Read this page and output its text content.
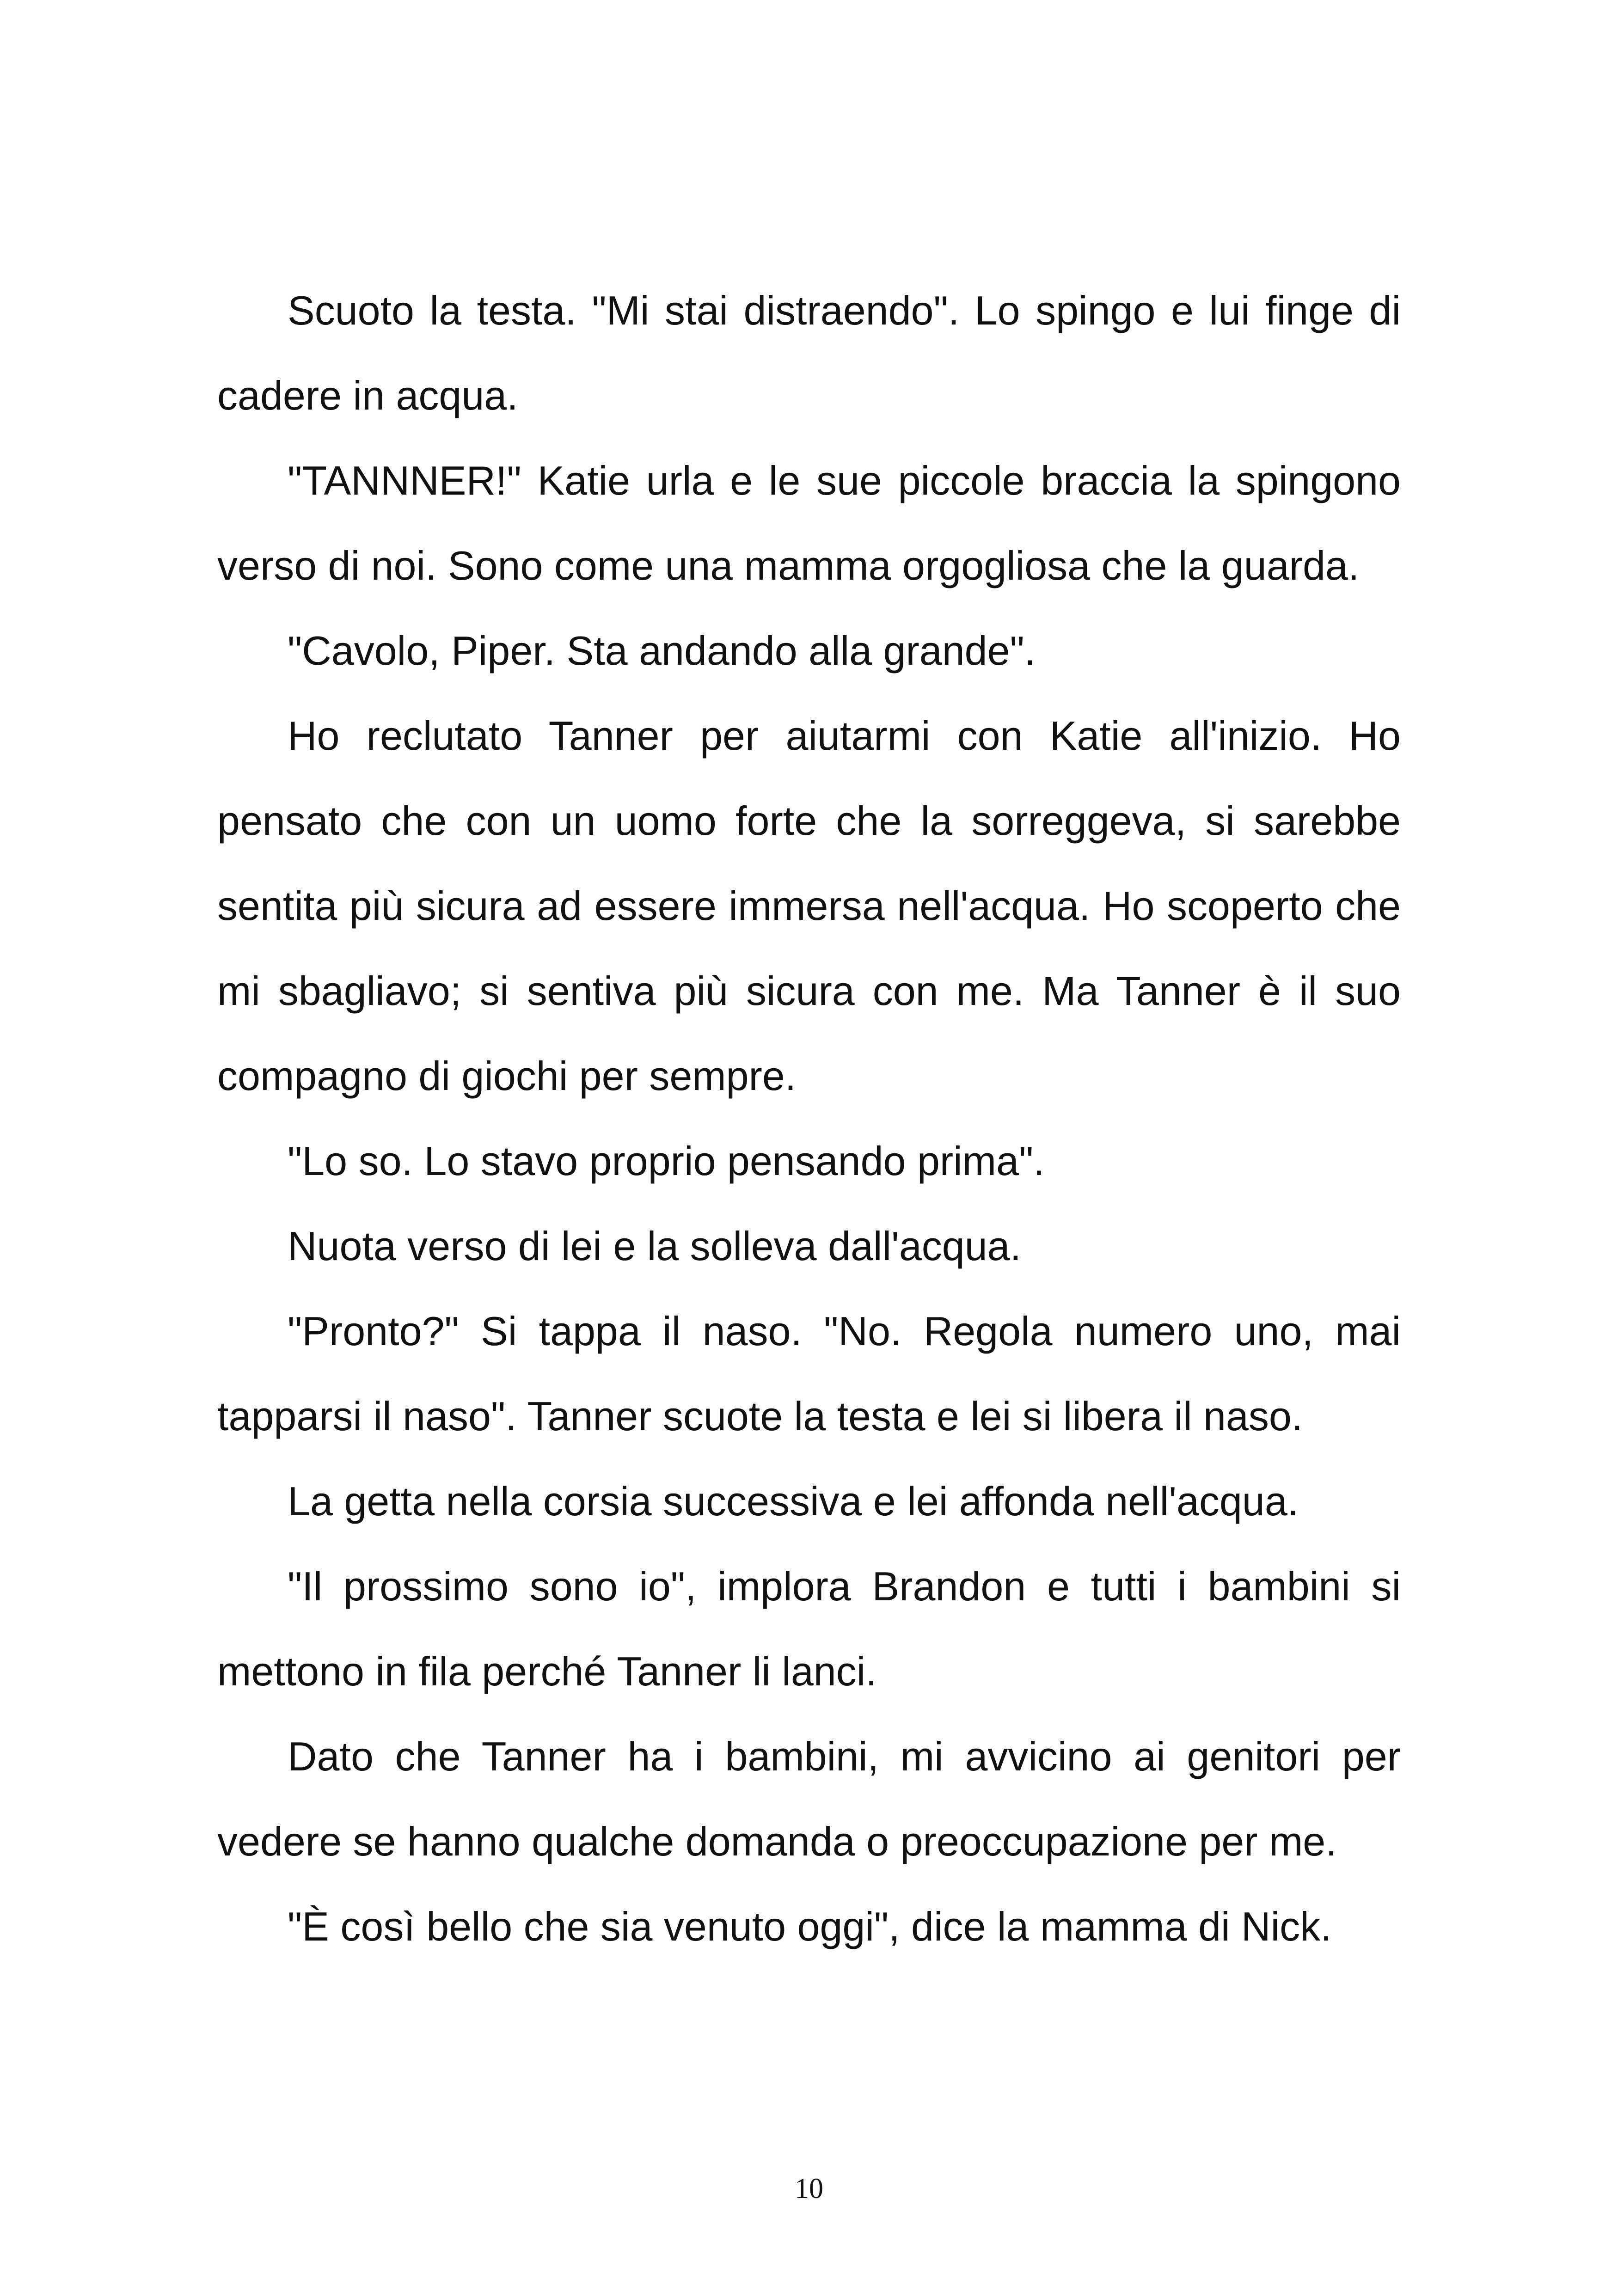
Scuoto la testa. "Mi stai distraendo". Lo spingo e lui finge di cadere in acqua.

"TANNNER!" Katie urla e le sue piccole braccia la spingono verso di noi. Sono come una mamma orgogliosa che la guarda.

"Cavolo, Piper. Sta andando alla grande".

Ho reclutato Tanner per aiutarmi con Katie all'inizio. Ho pensato che con un uomo forte che la sorreggeva, si sarebbe sentita più sicura ad essere immersa nell'acqua. Ho scoperto che mi sbagliavo; si sentiva più sicura con me. Ma Tanner è il suo compagno di giochi per sempre.

"Lo so. Lo stavo proprio pensando prima".

Nuota verso di lei e la solleva dall'acqua.

"Pronto?" Si tappa il naso. "No. Regola numero uno, mai tapparsi il naso". Tanner scuote la testa e lei si libera il naso.

La getta nella corsia successiva e lei affonda nell'acqua.

"Il prossimo sono io", implora Brandon e tutti i bambini si mettono in fila perché Tanner li lanci.

Dato che Tanner ha i bambini, mi avvicino ai genitori per vedere se hanno qualche domanda o preoccupazione per me.

"È così bello che sia venuto oggi", dice la mamma di Nick.

10
